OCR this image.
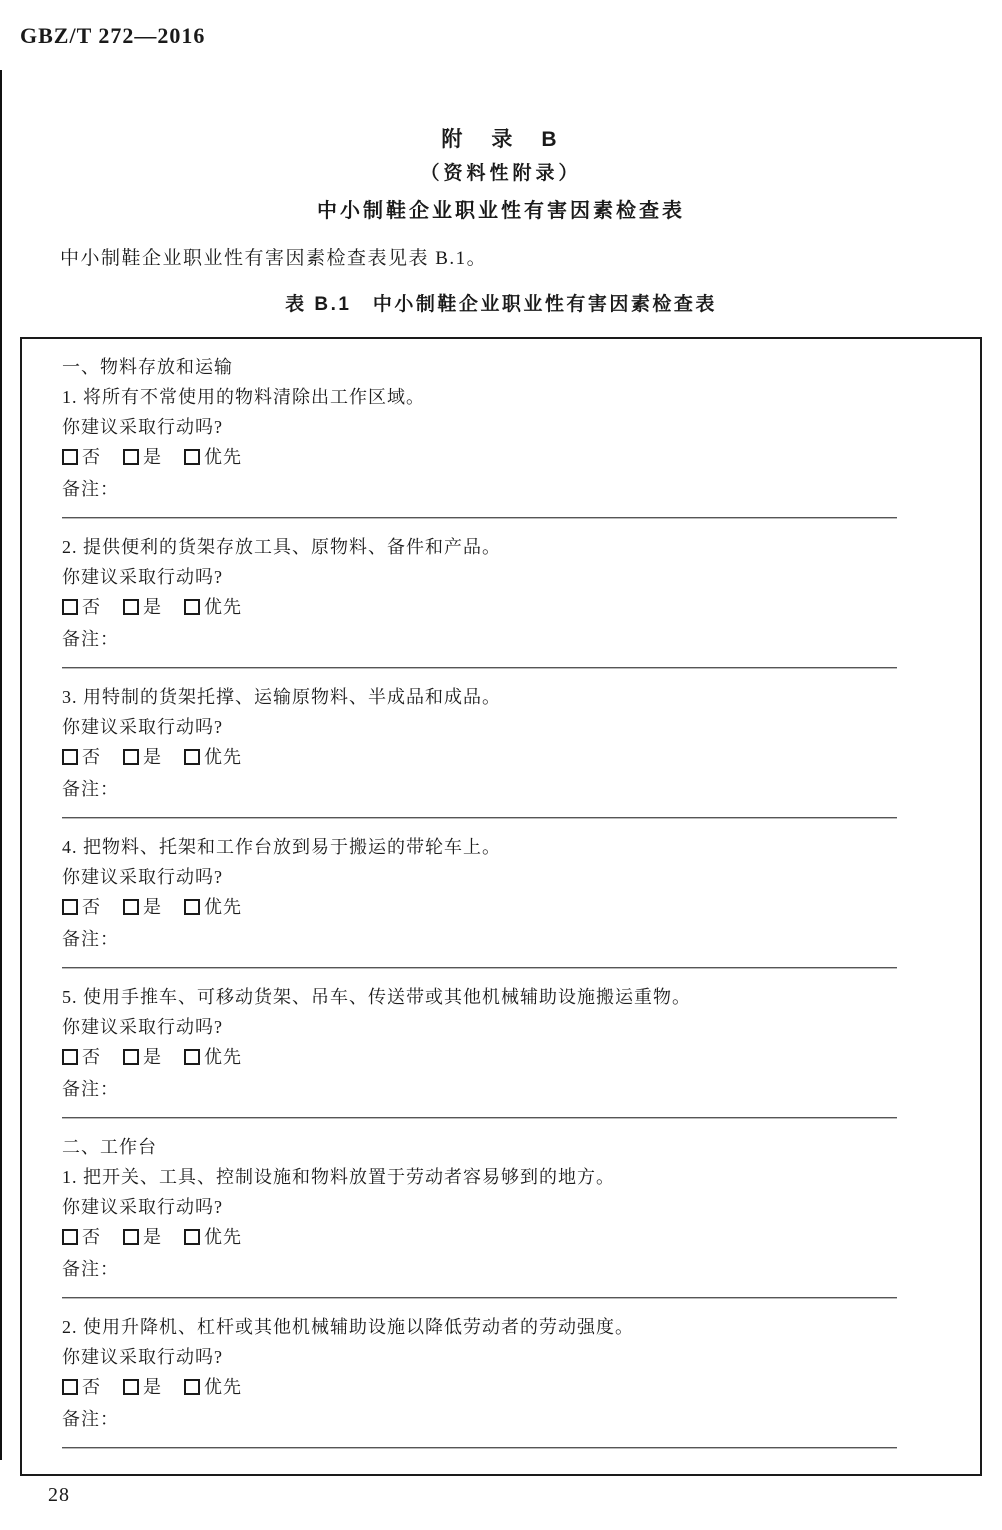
GBZ/T 272—2016
附　录　B
（资料性附录）
中小制鞋企业职业性有害因素检查表

中小制鞋企业职业性有害因素检查表见表 B.1。

表 B.1　中小制鞋企业职业性有害因素检查表
一、物料存放和运输
1. 将所有不常使用的物料清除出工作区域。
你建议采取行动吗?
否 是 优先
备注：
2. 提供便利的货架存放工具、原物料、备件和产品。
你建议采取行动吗?
否 是 优先
备注：
3. 用特制的货架托撑、运输原物料、半成品和成品。
你建议采取行动吗?
否 是 优先
备注：
4. 把物料、托架和工作台放到易于搬运的带轮车上。
你建议采取行动吗?
否 是 优先
备注：
5. 使用手推车、可移动货架、吊车、传送带或其他机械辅助设施搬运重物。
你建议采取行动吗?
否 是 优先
备注：
二、工作台
1. 把开关、工具、控制设施和物料放置于劳动者容易够到的地方。
你建议采取行动吗?
否 是 优先
备注：
2. 使用升降机、杠杆或其他机械辅助设施以降低劳动者的劳动强度。
你建议采取行动吗?
否 是 优先
备注：
28
